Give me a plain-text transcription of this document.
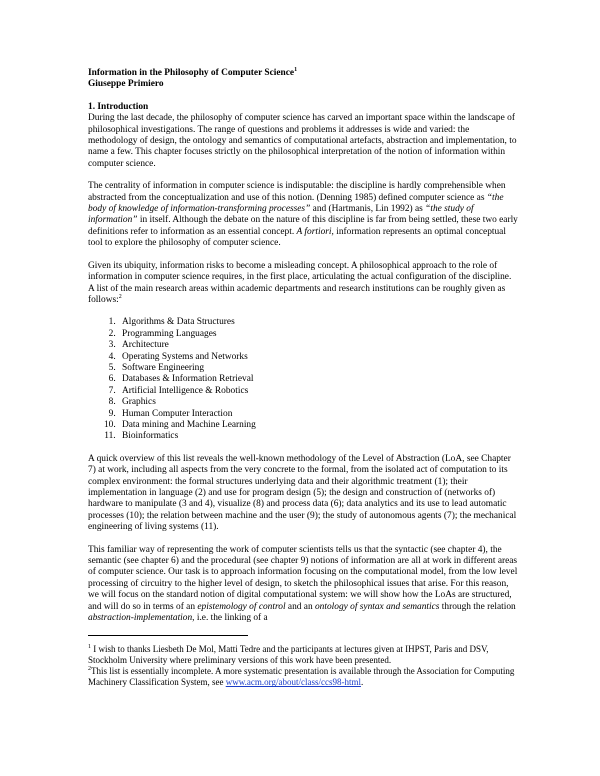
Information in the Philosophy of Computer Science$^1$
Giuseppe Primiero
1. Introduction

During the last decade, the philosophy of computer science has carved an important space within the landscape of philosophical investigations. The range of questions and problems it addresses is wide and varied: the methodology of design, the ontology and semantics of computational artefacts, abstraction and implementation, to name a few. This chapter focuses strictly on the philosophical interpretation of the notion of information within computer science.

The centrality of information in computer science is indisputable: the discipline is hardly comprehensible when abstracted from the conceptualization and use of this notion. (Denning 1985) defined computer science as “the body of knowledge of information-transforming processes” and (Hartmanis, Lin 1992) as “the study of information” in itself. Although the debate on the nature of this discipline is far from being settled, these two early definitions refer to information as an essential concept. A fortiori, information represents an optimal conceptual tool to explore the philosophy of computer science.

Given its ubiquity, information risks to become a misleading concept. A philosophical approach to the role of information in computer science requires, in the first place, articulating the actual configuration of the discipline. A list of the main research areas within academic departments and research institutions can be roughly given as follows:$^2$

1. Algorithms & Data Structures
2. Programming Languages
3. Architecture
4. Operating Systems and Networks
5. Software Engineering
6. Databases & Information Retrieval
7. Artificial Intelligence & Robotics
8. Graphics
9. Human Computer Interaction
10. Data mining and Machine Learning
11. Bioinformatics

A quick overview of this list reveals the well-known methodology of the Level of Abstraction (LoA, see Chapter 7) at work, including all aspects from the very concrete to the formal, from the isolated act of computation to its complex environment: the formal structures underlying data and their algorithmic treatment (1); their implementation in language (2) and use for program design (5); the design and construction of (networks of) hardware to manipulate (3 and 4), visualize (8) and process data (6); data analytics and its use to lead automatic processes (10); the relation between machine and the user (9); the study of autonomous agents (7); the mechanical engineering of living systems (11).

This familiar way of representing the work of computer scientists tells us that the syntactic (see chapter 4), the semantic (see chapter 6) and the procedural (see chapter 9) notions of information are all at work in different areas of computer science. Our task is to approach information focusing on the computational model, from the low level processing of circuitry to the higher level of design, to sketch the philosophical issues that arise. For this reason, we will focus on the standard notion of digital computational system: we will show how the LoAs are structured, and will do so in terms of an epistemology of control and an ontology of syntax and semantics through the relation abstraction-implementation, i.e. the linking of a

$^1$ I wish to thanks Liesbeth De Mol, Matti Tedre and the participants at lectures given at IHPST, Paris and DSV, Stockholm University where preliminary versions of this work have been presented.
$^2$This list is essentially incomplete. A more systematic presentation is available through the Association for Computing Machinery Classification System, see www.acm.org/about/class/ccs98-html.
